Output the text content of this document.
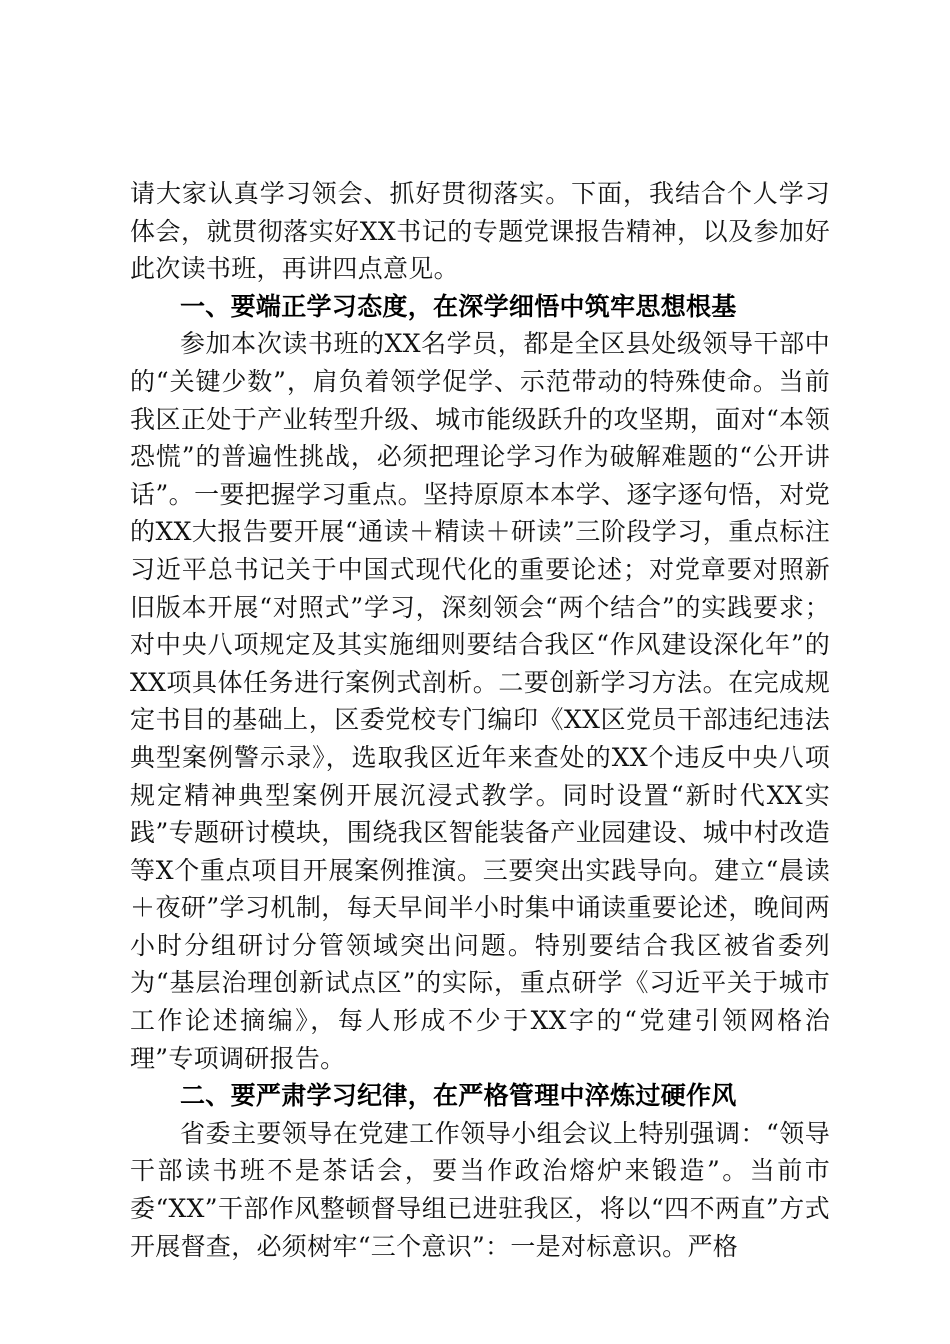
请大家认真学习领会、抓好贯彻落实。下面，我结合个人学习体会，就贯彻落实好XX书记的专题党课报告精神，以及参加好此次读书班，再讲四点意见。

一、要端正学习态度，在深学细悟中筑牢思想根基

参加本次读书班的XX名学员，都是全区县处级领导干部中的“关键少数”，肩负着领学促学、示范带动的特殊使命。当前我区正处于产业转型升级、城市能级跃升的攻坚期，面对“本领恐慌”的普遍性挑战，必须把理论学习作为破解难题的“公开讲话”。一要把握学习重点。坚持原原本本学、逐字逐句悟，对党的XX大报告要开展“通读＋精读＋研读”三阶段学习，重点标注习近平总书记关于中国式现代化的重要论述；对党章要对照新旧版本开展“对照式”学习，深刻领会“两个结合”的实践要求；对中央八项规定及其实施细则要结合我区“作风建设深化年”的XX项具体任务进行案例式剖析。二要创新学习方法。在完成规定书目的基础上，区委党校专门编印《XX区党员干部违纪违法典型案例警示录》，选取我区近年来查处的XX个违反中央八项规定精神典型案例开展沉浸式教学。同时设置“新时代XX实践”专题研讨模块，围绕我区智能装备产业园建设、城中村改造等X个重点项目开展案例推演。三要突出实践导向。建立“晨读＋夜研”学习机制，每天早间半小时集中诵读重要论述，晚间两小时分组研讨分管领域突出问题。特别要结合我区被省委列为“基层治理创新试点区”的实际，重点研学《习近平关于城市工作论述摘编》，每人形成不少于XX字的“党建引领网格治理”专项调研报告。

二、要严肃学习纪律，在严格管理中淬炼过硬作风

省委主要领导在党建工作领导小组会议上特别强调：“领导干部读书班不是茶话会，要当作政治熔炉来锻造”。当前市委“XX”干部作风整顿督导组已进驻我区，将以“四不两直”方式开展督查，必须树牢“三个意识”：一是对标意识。严格
